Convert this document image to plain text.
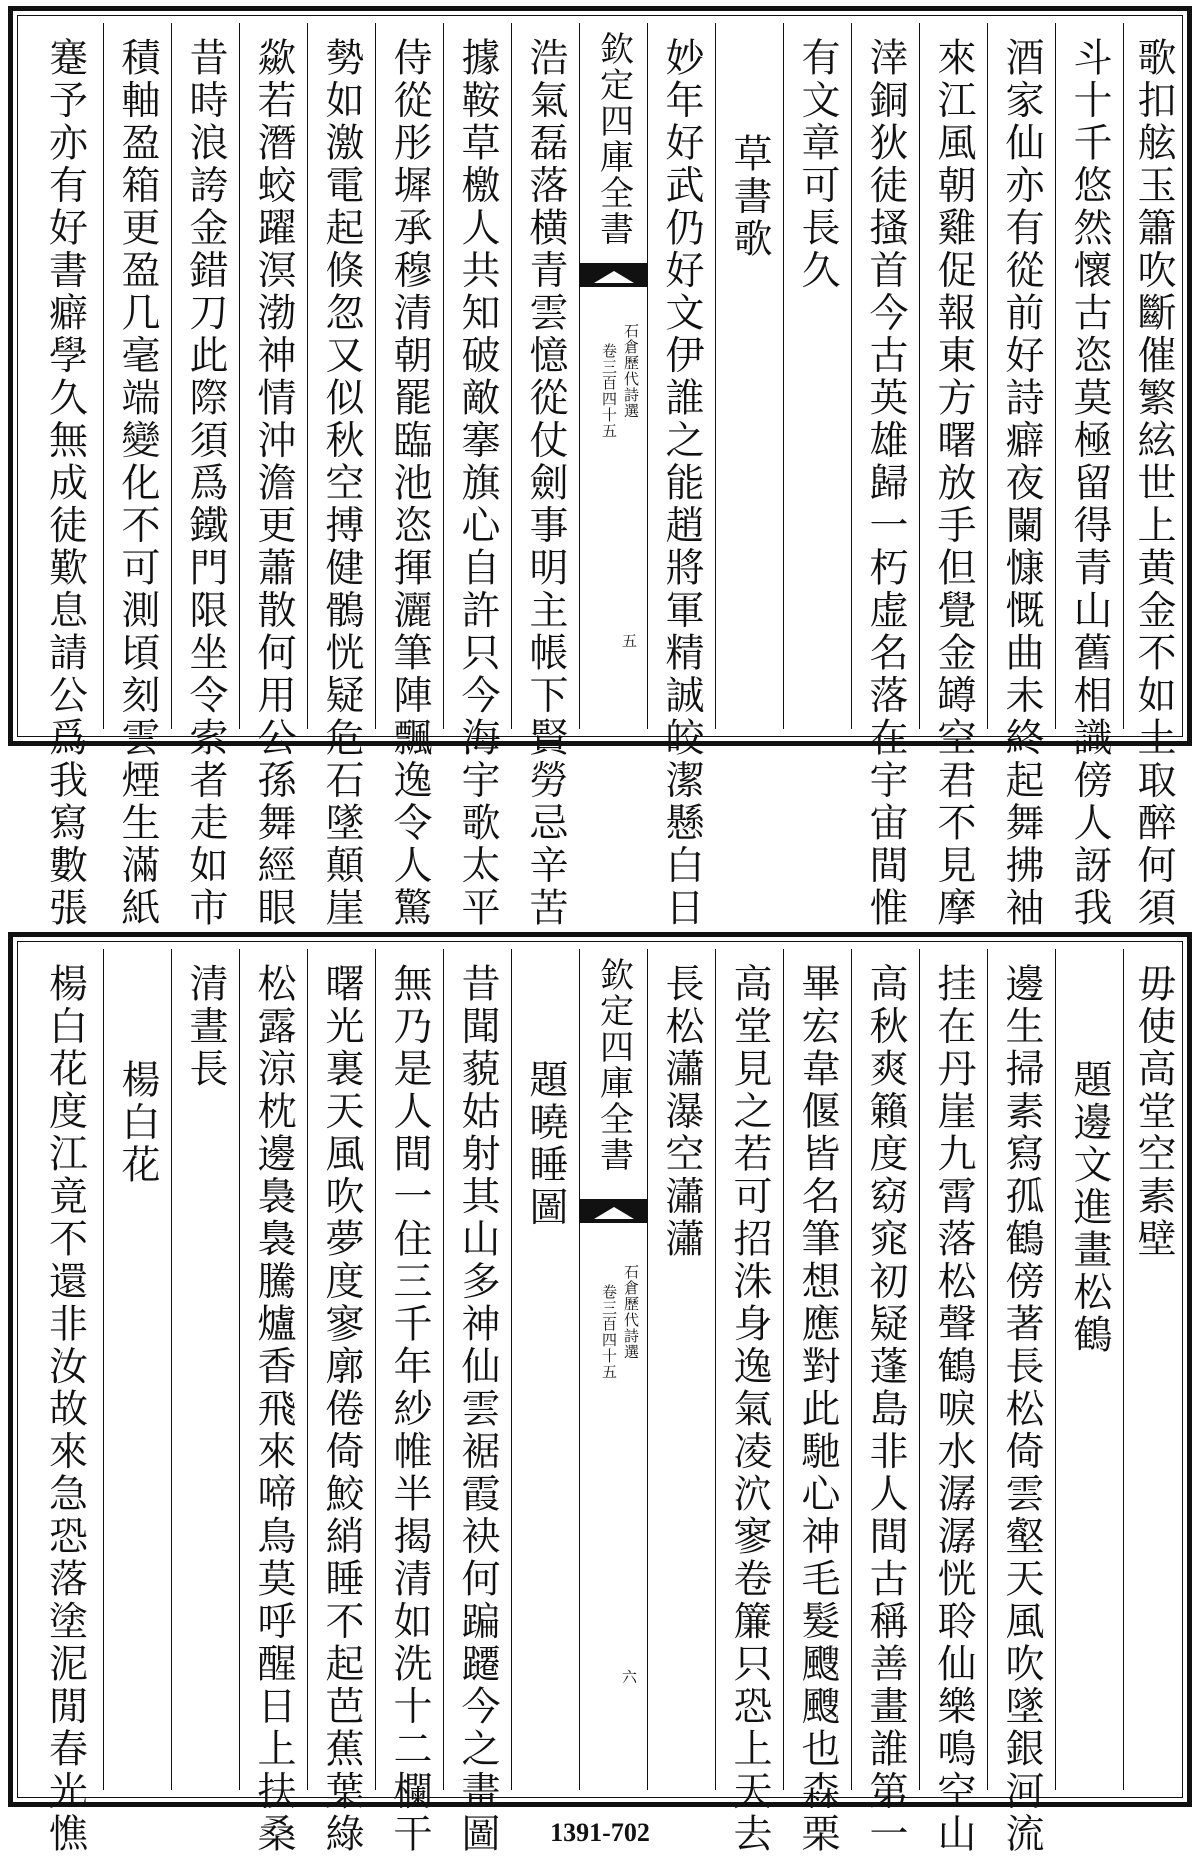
歌扣舷玉簫吹斷催繁絃世上黄金不如土取醉何須
斗十千悠然懷古恣莫極留得青山舊相識傍人訝我
酒家仙亦有從前好詩癖夜闌慷慨曲未終起舞拂袖
來江風朝雞促報東方曙放手但覺金罇空君不見摩
涬銅狄徒搔首今古英雄歸一朽虚名落在宇宙間惟
有文章可長久
草書歌
妙年好武仍好文伊誰之能趙將軍精誠皎潔懸白日
欽定四庫全書
石倉歷代詩選
卷三百四十五
五
浩氣磊落横青雲憶從仗劍事明主帳下賢勞忌辛苦
據鞍草檄人共知破敵搴旗心自許只今海宇歌太平
侍從彤墀承穆清朝罷臨池恣揮灑筆陣飄逸令人驚
勢如激電起倏忽又似秋空搏健鶻恍疑危石墜顛崖
歘若潛蛟躍溟渤神情沖澹更蕭散何用公孫舞經眼
昔時浪誇金錯刀此際須爲鐵門限坐令索者走如市
積軸盈箱更盈几毫端變化不可測頃刻雲煙生滿紙
蹇予亦有好書癖學久無成徒歎息請公爲我寫數張
毋使高堂空素壁
題邊文進畫松鶴
邊生掃素寫孤鶴傍著長松倚雲壑天風吹墜銀河流
挂在丹崖九霄落松聲鶴唳水潺潺恍聆仙樂鳴空山
高秋爽籟度窈窕初疑蓬島非人間古稱善畫誰第一
畢宏韋偃皆名筆想應對此馳心神毛髮颼颼也森栗
高堂見之若可招洙身逸氣凌泬寥卷簾只恐上天去
長松瀟瀑空瀟瀟
欽定四庫全書
石倉歷代詩選
卷三百四十五
六
題曉睡圖
昔聞藐姑射其山多神仙雲裾霞袂何蹁躚今之畫圖
無乃是人間一住三千年紗帷半揭清如洗十二欄干
曙光裏天風吹夢度寥廓倦倚鮫綃睡不起芭蕉葉綠
松露涼枕邊裊裊騰爐香飛來啼鳥莫呼醒日上扶桑
清晝長
楊白花
楊白花度江竟不還非汝故來急恐落塗泥閒春光憔	1391-702
